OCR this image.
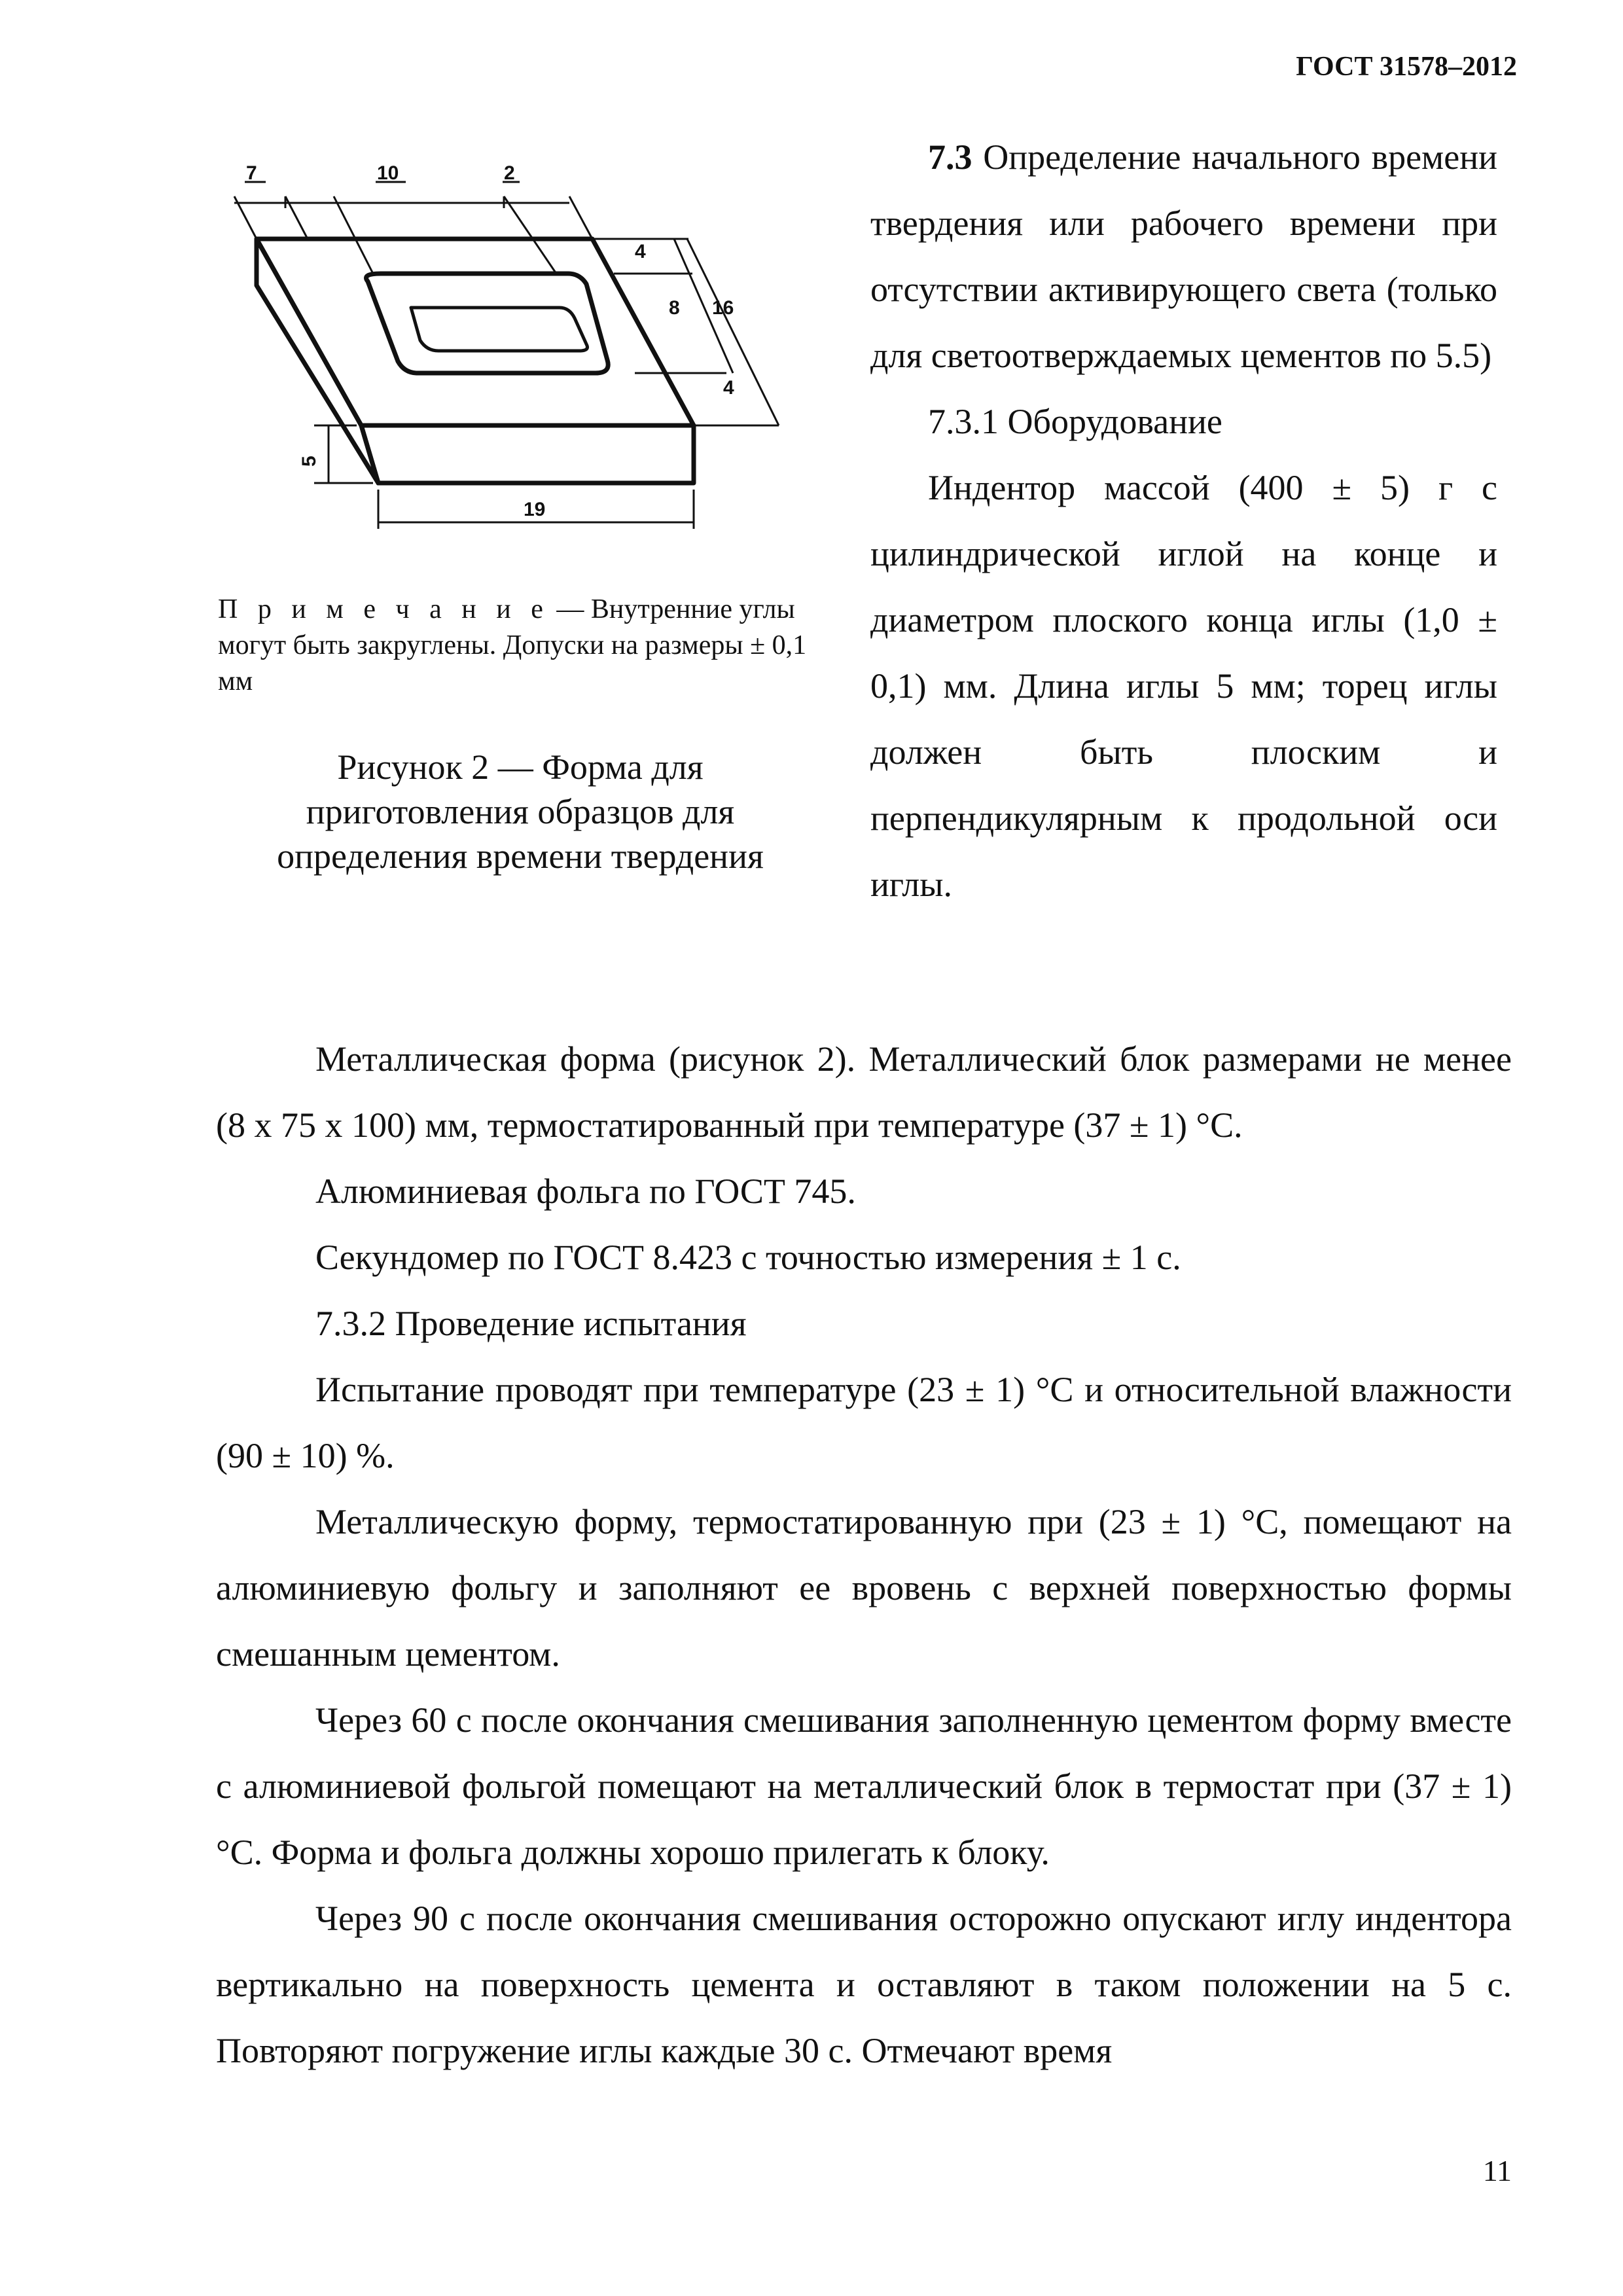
ГОСТ 31578–2012
7	10	2
4
8 16
4
5
19
П р и м е ч а н и е — Внутренние углы могут быть закруглены. Допуски на размеры ± 0,1 мм
Рисунок 2 — Форма для приготовления образцов для определения времени твердения

7.3 Определение начального времени твердения или рабочего времени при отсутствии активирующего света (только для светоотверждаемых цементов по 5.5)

7.3.1 Оборудование

Индентор массой (400 ± 5) г с цилиндрической иглой на конце и диаметром плоского конца иглы (1,0 ± 0,1) мм. Длина иглы 5 мм; торец иглы должен быть плоским и перпендикулярным к продольной оси иглы.

Металлическая форма (рисунок 2). Металлический блок размерами не менее (8 х 75 х 100) мм, термостатированный при температуре (37 ± 1) °С.

Алюминиевая фольга по ГОСТ 745.

Секундомер по ГОСТ 8.423 с точностью измерения ± 1 с.

7.3.2 Проведение испытания

Испытание проводят при температуре (23 ± 1) °С и относительной влажности (90 ± 10) %.

Металлическую форму, термостатированную при (23 ± 1) °С, помещают на алюминиевую фольгу и заполняют ее вровень с верхней поверхностью формы смешанным цементом.

Через 60 с после окончания смешивания заполненную цементом форму вместе с алюминиевой фольгой помещают на металлический блок в термостат при (37 ± 1) °С. Форма и фольга должны хорошо прилегать к блоку.

Через 90 с после окончания смешивания осторожно опускают иглу индентора вертикально на поверхность цемента и оставляют в таком положении на 5 с. Повторяют погружение иглы каждые 30 с. Отмечают время

11
